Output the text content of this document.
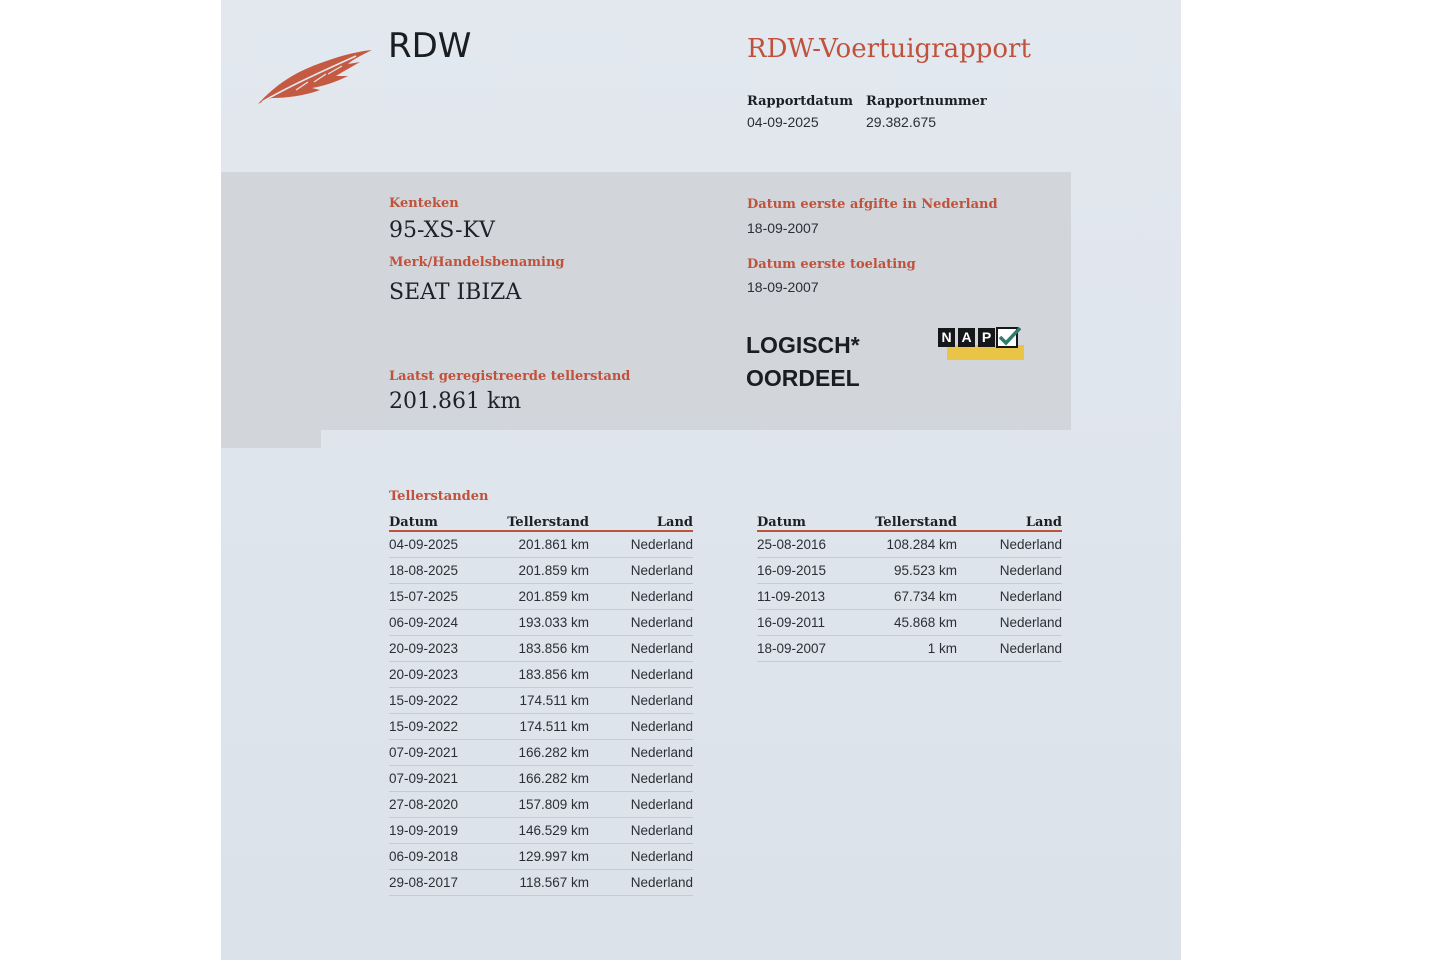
RDW	RDW-Voertuigrapport
Rapportdatum Rapportnummer
04-09-2025	29.382.675
Kenteken
95-XS-KV
Merk/Handelsbenaming
SEAT IBIZA
Laatst geregistreerde tellerstand
201.861 km
Datum eerste afgifte in Nederland
18-09-2007
Datum eerste toelating
18-09-2007
LOGISCH*
OORDEEL
N A P
Tellerstanden
Datum	Tellerstand	Land
04-09-2025	201.861 km	Nederland
18-08-2025	201.859 km	Nederland
15-07-2025	201.859 km	Nederland
06-09-2024	193.033 km	Nederland
20-09-2023	183.856 km	Nederland
20-09-2023	183.856 km	Nederland
15-09-2022	174.511 km	Nederland
15-09-2022	174.511 km	Nederland
07-09-2021	166.282 km	Nederland
07-09-2021	166.282 km	Nederland
27-08-2020	157.809 km	Nederland
19-09-2019	146.529 km	Nederland
06-09-2018	129.997 km	Nederland
29-08-2017	118.567 km	Nederland
Datum	Tellerstand	Land
25-08-2016	108.284 km	Nederland
16-09-2015	95.523 km	Nederland
11-09-2013	67.734 km	Nederland
16-09-2011	45.868 km	Nederland
18-09-2007	1 km	Nederland
